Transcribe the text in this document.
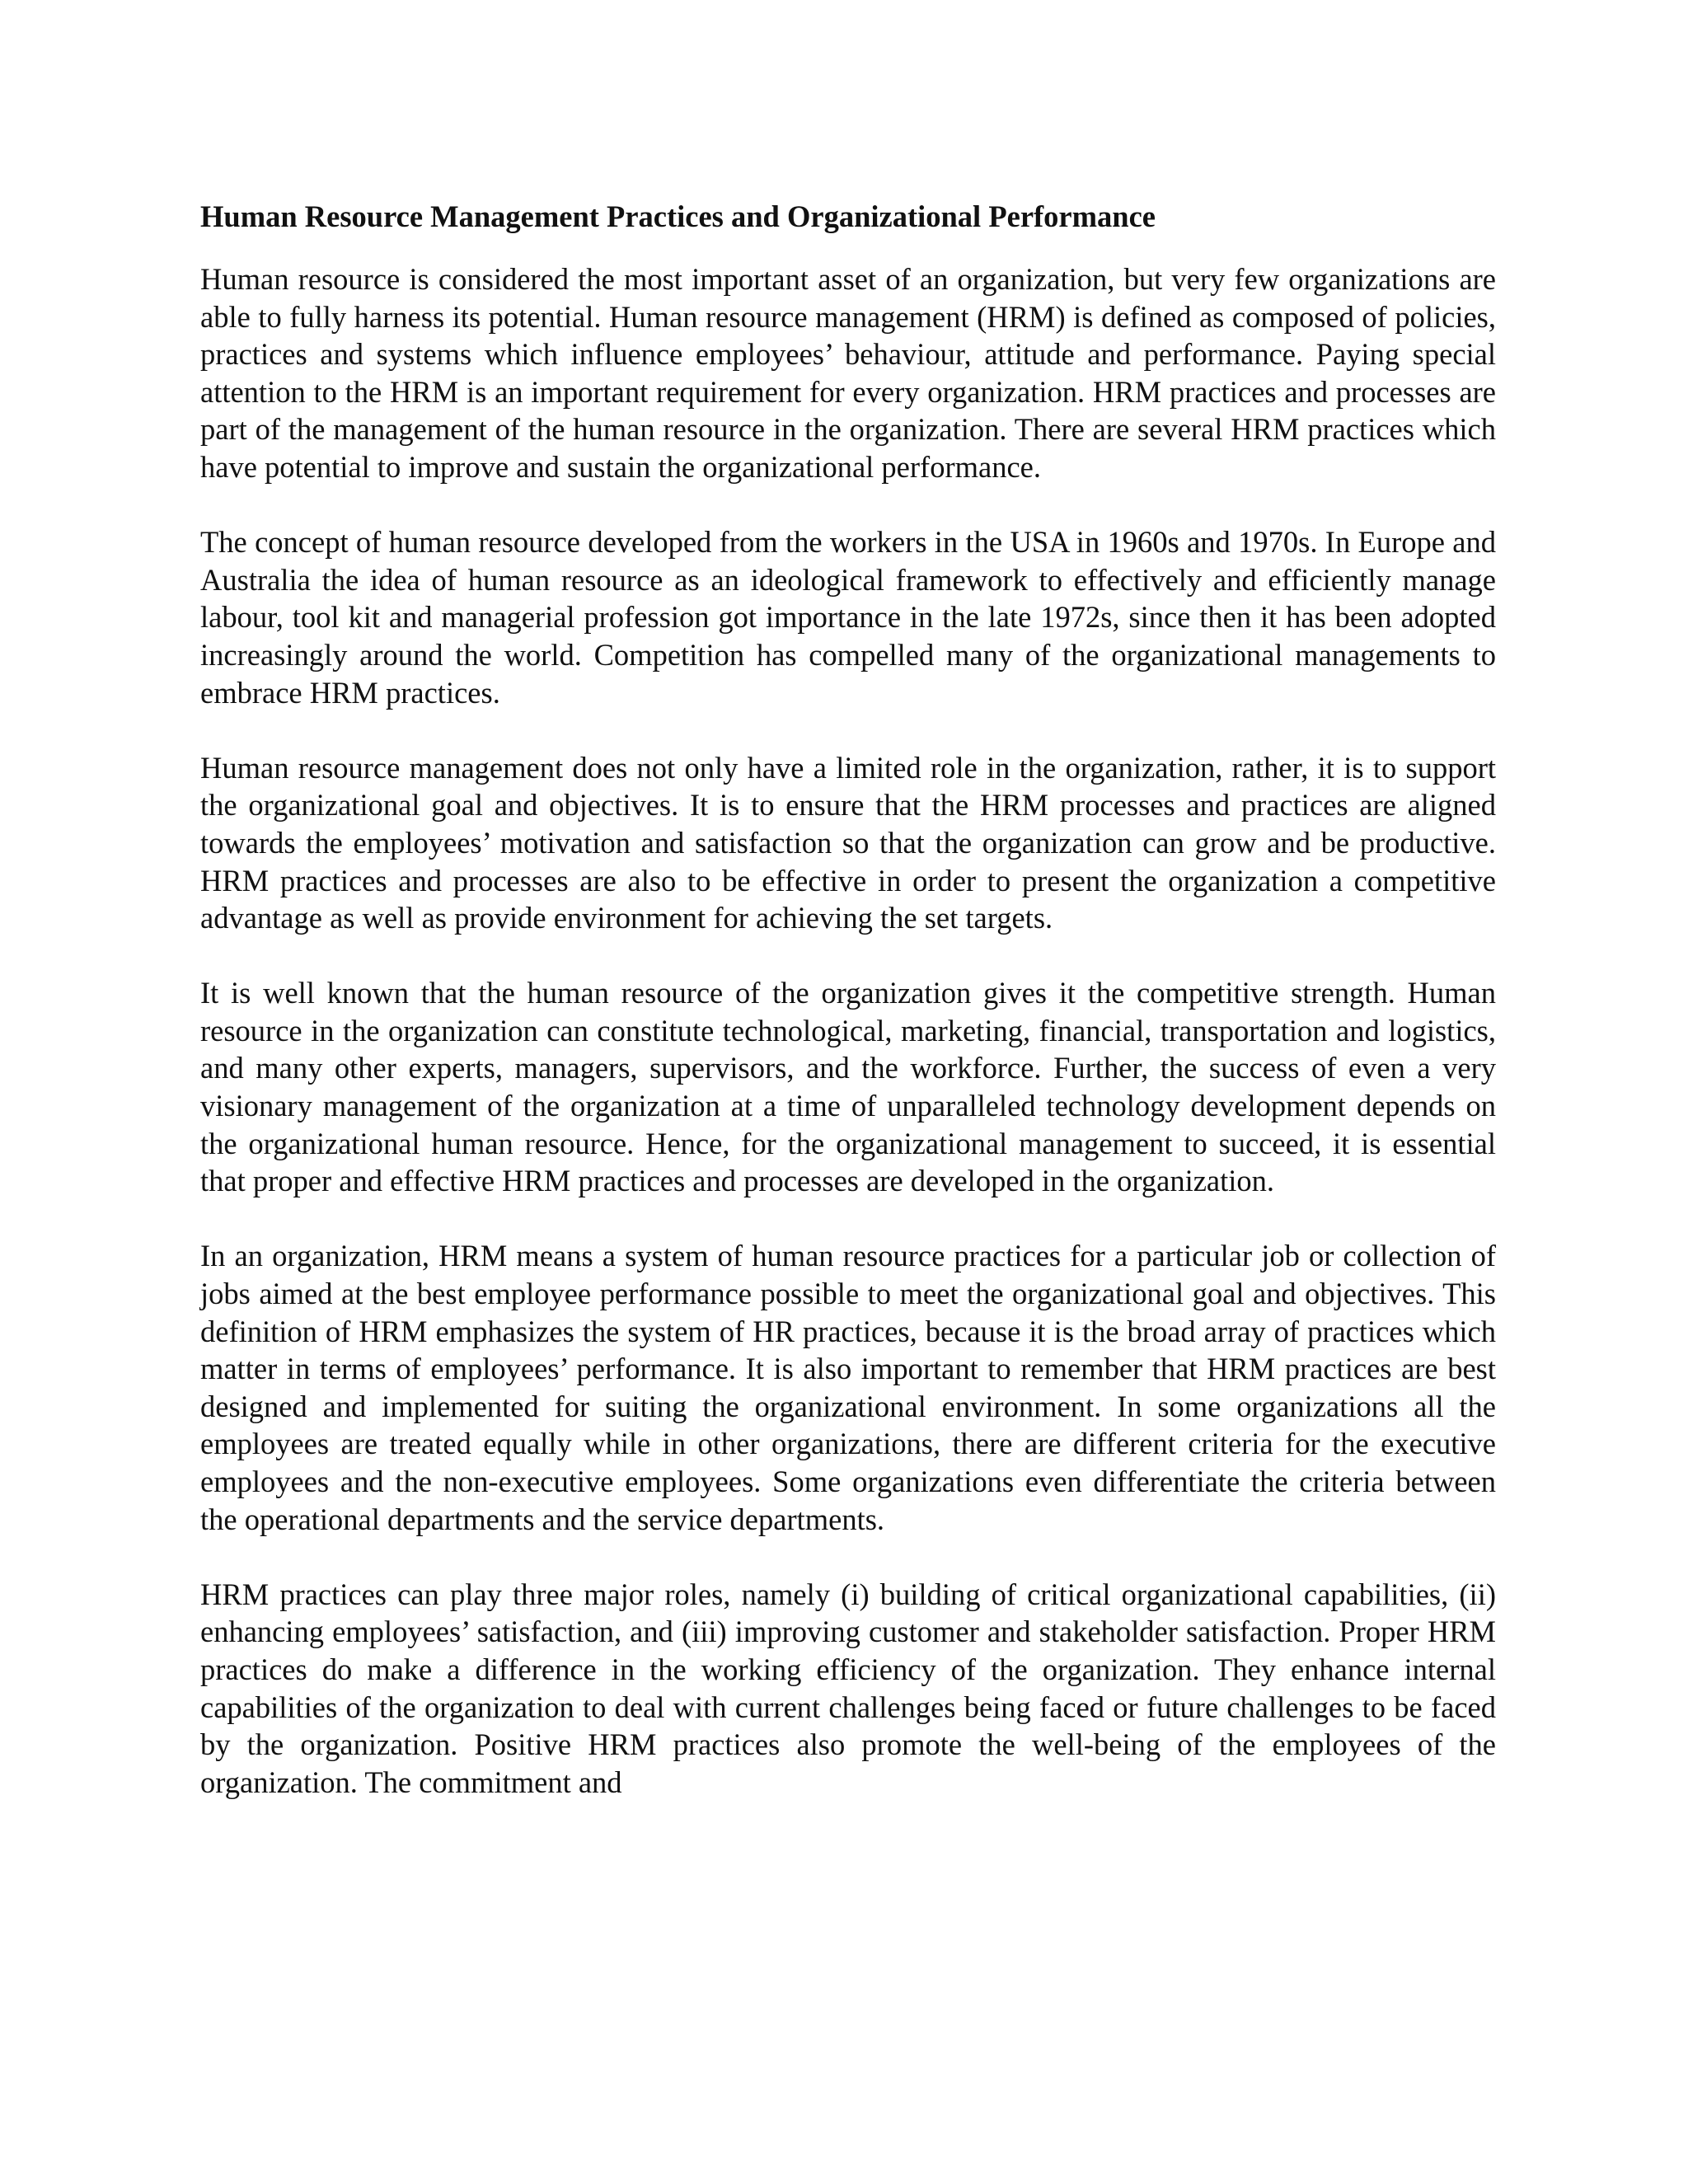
Human Resource Management Practices and Organizational Performance

Human resource is considered the most important asset of an organization, but very few organizations are able to fully harness its potential. Human resource management (HRM) is defined as composed of policies, practices and systems which influence employees’ behaviour, attitude and performance. Paying special attention to the HRM is an important requirement for every organization. HRM practices and processes are part of the management of the human resource in the organization. There are several HRM practices which have potential to improve and sustain the organizational performance.

The concept of human resource developed from the workers in the USA in 1960s and 1970s. In Europe and Australia the idea of human resource as an ideological framework to effectively and efficiently manage labour, tool kit and managerial profession got importance in the late 1972s, since then it has been adopted increasingly around the world. Competition has compelled many of the organizational managements to embrace HRM practices.

Human resource management does not only have a limited role in the organization, rather, it is to support the organizational goal and objectives. It is to ensure that the HRM processes and practices are aligned towards the employees’ motivation and satisfaction so that the organization can grow and be productive. HRM practices and processes are also to be effective in order to present the organization a competitive advantage as well as provide environment for achieving the set targets.

It is well known that the human resource of the organization gives it the competitive strength. Human resource in the organization can constitute technological, marketing, financial, transportation and logistics, and many other experts, managers, supervisors, and the workforce. Further, the success of even a very visionary management of the organization at a time of unparalleled technology development depends on the organizational human resource. Hence, for the organizational management to succeed, it is essential that proper and effective HRM practices and processes are developed in the organization.

In an organization, HRM means a system of human resource practices for a particular job or collection of jobs aimed at the best employee performance possible to meet the organizational goal and objectives. This definition of HRM emphasizes the system of HR practices, because it is the broad array of practices which matter in terms of employees’ performance. It is also important to remember that HRM practices are best designed and implemented for suiting the organizational environment. In some organizations all the employees are treated equally while in other organizations, there are different criteria for the executive employees and the non-executive employees. Some organizations even differentiate the criteria between the operational departments and the service departments.

HRM practices can play three major roles, namely (i) building of critical organizational capabilities, (ii) enhancing employees’ satisfaction, and (iii) improving customer and stakeholder satisfaction. Proper HRM practices do make a difference in the working efficiency of the organization. They enhance internal capabilities of the organization to deal with current challenges being faced or future challenges to be faced by the organization. Positive HRM practices also promote the well-being of the employees of the organization. The commitment and
